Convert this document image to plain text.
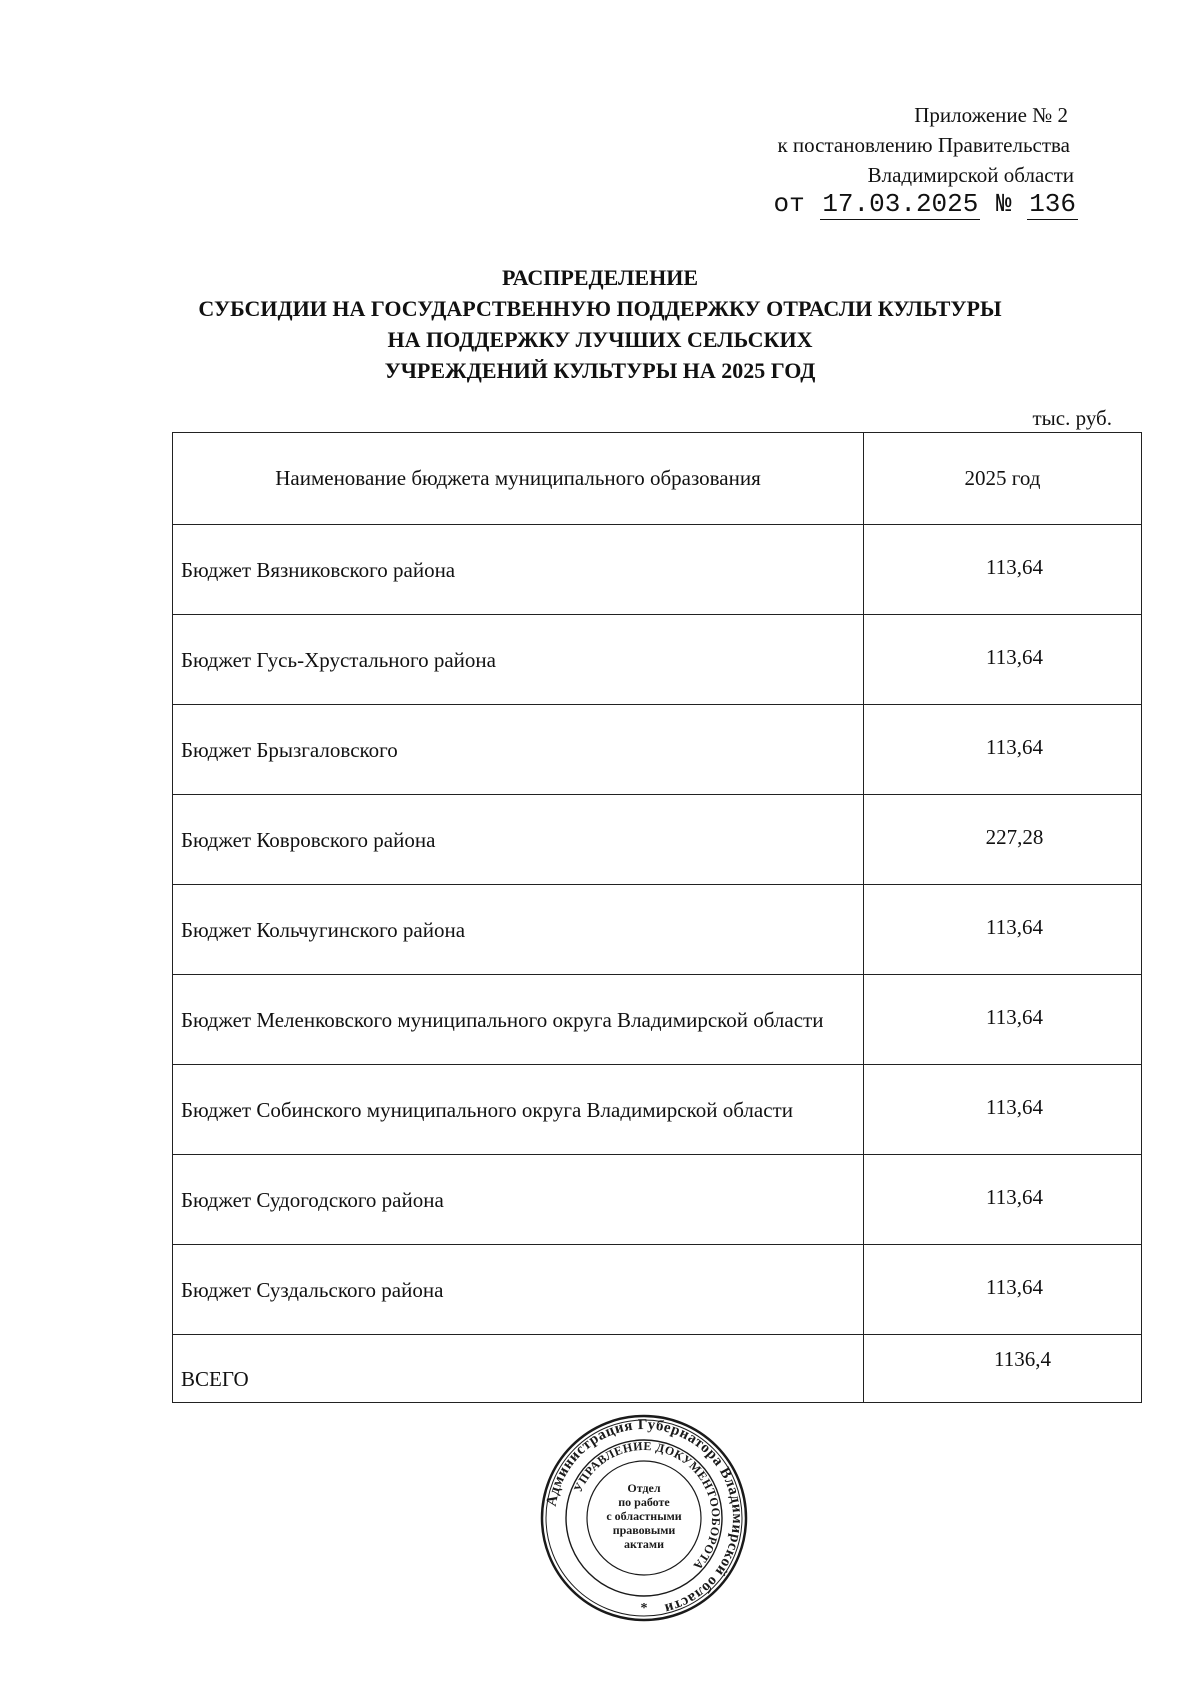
Приложение № 2
к постановлению Правительства
Владимирской области
от 17.03.2025 № 136
РАСПРЕДЕЛЕНИЕ
СУБСИДИИ НА ГОСУДАРСТВЕННУЮ ПОДДЕРЖКУ ОТРАСЛИ КУЛЬТУРЫ
НА ПОДДЕРЖКУ ЛУЧШИХ СЕЛЬСКИХ
УЧРЕЖДЕНИЙ КУЛЬТУРЫ НА 2025 ГОД
тыс. руб.
Наименование бюджета муниципального образования	2025 год
Бюджет Вязниковского района	113,64
Бюджет Гусь-Хрустального района	113,64
Бюджет Брызгаловского	113,64
Бюджет Ковровского района	227,28
Бюджет Кольчугинского района	113,64
Бюджет Меленковского муниципального округа Владимирской области	113,64
Бюджет Собинского муниципального округа Владимирской области	113,64
Бюджет Судогодского района	113,64
Бюджет Суздальского района	113,64
ВСЕГО	1136,4
Администрация Губернатора Владимирской области
УПРАВЛЕНИЕ ДОКУМЕНТООБОРОТА
Отдел
по работе
с областными
правовыми
актами
*
